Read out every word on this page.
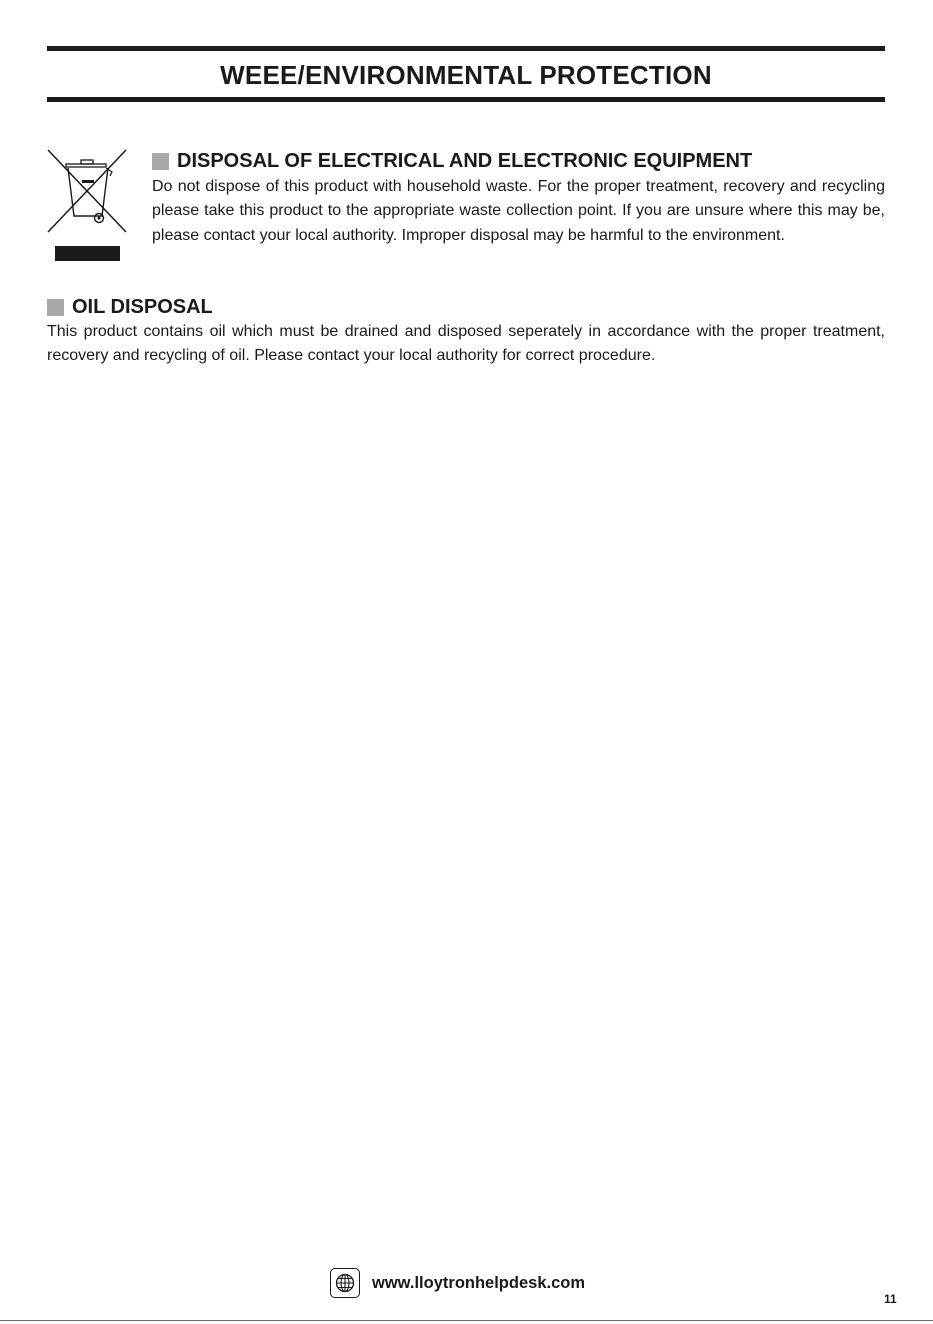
WEEE/ENVIRONMENTAL PROTECTION
DISPOSAL OF ELECTRICAL AND ELECTRONIC EQUIPMENT

Do not dispose of this product with household waste. For the proper treatment, recovery and recycling please take this product to the appropriate waste collection point. If you are unsure where this may be, please contact your local authority. Improper disposal may be harmful to the environment.

OIL DISPOSAL

This product contains oil which must be drained and disposed seperately in accordance with the proper treatment, recovery and recycling of oil. Please contact your local authority for correct procedure.

www.lloytronhelpdesk.com
11
